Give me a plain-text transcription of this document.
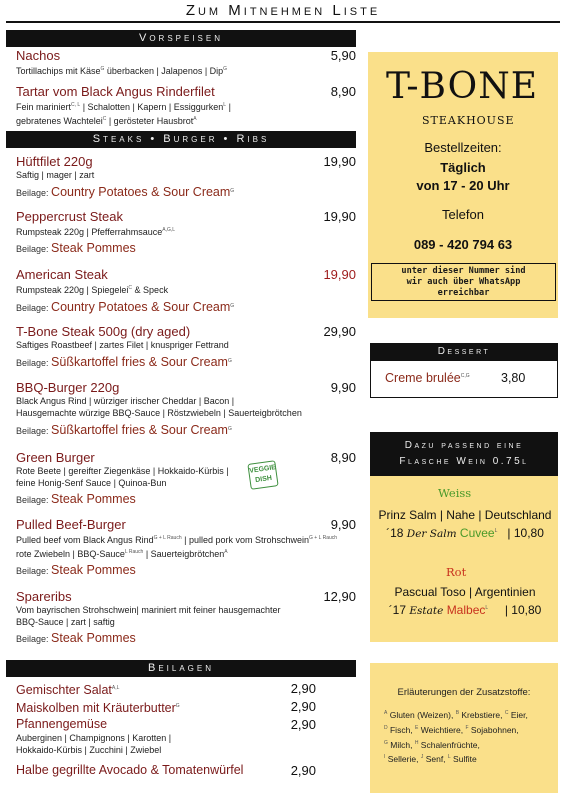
Zum Mitnehmen Liste
Vorspeisen
Nachos	5,90
Tortillachips mit Käse$^G$ überbacken | Jalapenos | Dip$^G$
Tartar vom Black Angus Rinderfilet	8,90
Fein mariniert$^{C, L}$ | Schalotten | Kapern | Essiggurken$^L$ |
gebratenes Wachtelei$^C$ | gerösteter Hausbrot$^A$
Steaks • Burger • Ribs
Hüftfilet 220g	19,90
Saftig | mager | zart
Beilage: Country Potatoes & Sour Cream$^G$
Peppercrust Steak	19,90
Rumpsteak 220g | Pfefferrahmsauce$^{A,G,L}$
Beilage: Steak Pommes
American Steak	19,90
Rumpsteak 220g | Spiegelei$^C$ & Speck
Beilage: Country Potatoes & Sour Cream$^G$
T-Bone Steak 500g (dry aged)	29,90
Saftiges Roastbeef | zartes Filet | knuspriger Fettrand
Beilage: Süßkartoffel fries & Sour Cream$^G$
BBQ-Burger 220g	9,90
Black Angus Rind | würziger irischer Cheddar | Bacon |
Hausgemachte würzige BBQ-Sauce | Röstzwiebeln | Sauerteigbrötchen
Beilage: Süßkartoffel fries & Sour Cream$^G$
Green Burger	8,90
Rote Beete | gereifter Ziegenkäse | Hokkaido-Kürbis |
feine Honig-Senf Sauce | Quinoa-Bun
Beilage: Steak Pommes
VEGGIE
DISH
Pulled Beef-Burger	9,90
Pulled beef vom Black Angus Rind$^{G + L Rauch}$ | pulled pork vom Strohschwein$^{G + L Rauch}$
rote Zwiebeln | BBQ-Sauce$^{L Rauch}$ | Sauerteigbrötchen$^A$
Beilage: Steak Pommes
Spareribs	12,90
Vom bayrischen Strohschwein| mariniert mit feiner hausgemachter
BBQ-Sauce | zart | saftig
Beilage: Steak Pommes
Beilagen
Gemischter Salat$^{A,L}$	2,90
Maiskolben mit Kräuterbutter$^G$	2,90
Pfannengemüse	2,90
Auberginen | Champignons | Karotten |
Hokkaido-Kürbis | Zucchini | Zwiebel
Halbe gegrillte Avocado & Tomatenwürfel	2,90
T-BONE
STEAKHOUSE
Bestellzeiten:
Täglich
von 17 - 20 Uhr
Telefon
089 - 420 794 63
unter dieser Nummer sind
wir auch über WhatsApp
erreichbar
Dessert
Creme brulée$^{C,G}$	3,80
Dazu passend eine Flasche Wein 0.75l
Weiss
Prinz Salm | Nahe | Deutschland
´18 Der Salm Cuvee$^L$ | 10,80
Rot
Pascual Toso | Argentinien
´17 Estate Malbec$^L$ | 10,80
Erläuterungen der Zusatzstoffe:
$^A$ Gluten (Weizen), $^B$ Krebstiere, $^C$ Eier,
$^D$ Fisch, $^E$ Weichtiere, $^F$ Sojabohnen,
$^G$ Milch, $^H$ Schalenfrüchte,
$^I$ Sellerie, $^J$ Senf, $^L$ Sulfite
